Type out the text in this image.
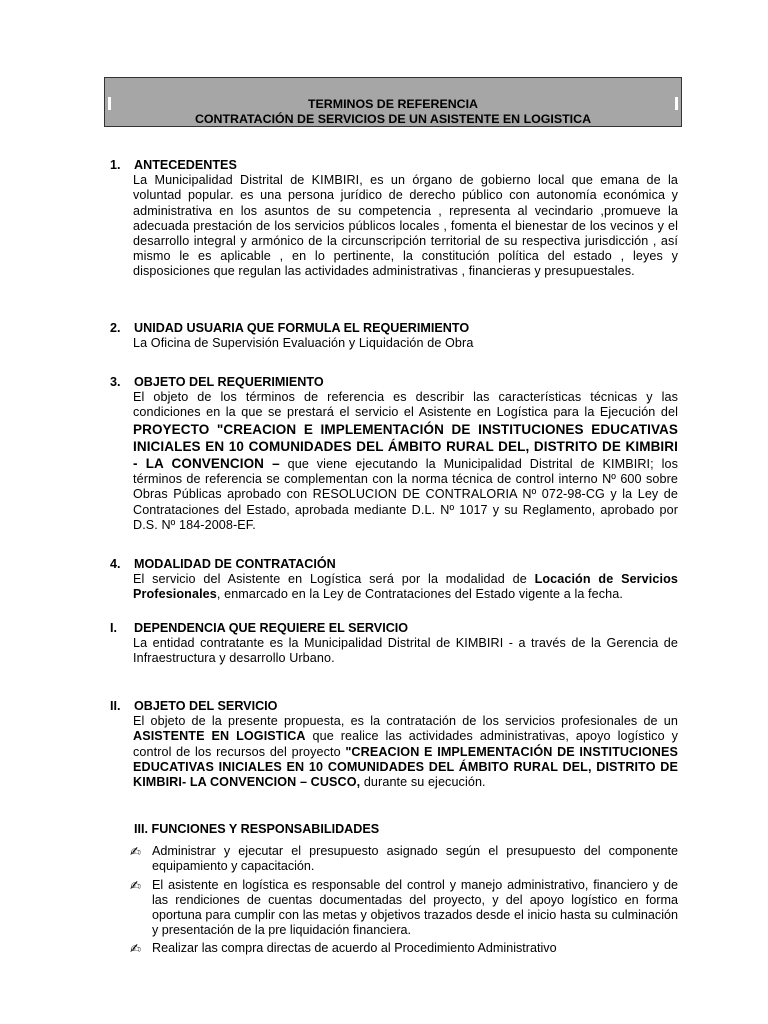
TERMINOS DE REFERENCIA
CONTRATACIÓN DE SERVICIOS DE UN ASISTENTE EN LOGISTICA
1.	ANTECEDENTES
La Municipalidad Distrital de KIMBIRI, es un órgano de gobierno local que emana de la voluntad popular. es una persona jurídico de derecho público con autonomía económica y administrativa en los asuntos de su competencia , representa al vecindario ,promueve la adecuada prestación de los servicios públicos locales , fomenta el bienestar de los vecinos y el desarrollo integral y armónico de la circunscripción territorial de su respectiva jurisdicción , así mismo le es aplicable , en lo pertinente, la constitución política del estado , leyes y disposiciones que regulan las actividades administrativas , financieras y presupuestales.
2.	UNIDAD USUARIA QUE FORMULA EL REQUERIMIENTO
La Oficina de Supervisión Evaluación y Liquidación de Obra
3.	OBJETO DEL REQUERIMIENTO
El objeto de los términos de referencia es describir las características técnicas y las condiciones en la que se prestará el servicio el Asistente en Logística para la Ejecución del PROYECTO "CREACION E IMPLEMENTACIÓN DE INSTITUCIONES EDUCATIVAS INICIALES EN 10 COMUNIDADES DEL ÁMBITO RURAL DEL, DISTRITO DE KIMBIRI - LA CONVENCION – que viene ejecutando la Municipalidad Distrital de KIMBIRI; los términos de referencia se complementan con la norma técnica de control interno Nº 600 sobre Obras Públicas aprobado con RESOLUCION DE CONTRALORIA Nº 072-98-CG y la Ley de Contrataciones del Estado, aprobada mediante D.L. Nº 1017 y su Reglamento, aprobado por D.S. Nº 184-2008-EF.
4.	MODALIDAD DE CONTRATACIÓN
El servicio del Asistente en Logística será por la modalidad de Locación de Servicios Profesionales, enmarcado en la Ley de Contrataciones del Estado vigente a la fecha.
I.	DEPENDENCIA QUE REQUIERE EL SERVICIO
La entidad contratante es la Municipalidad Distrital de KIMBIRI - a través de la Gerencia de Infraestructura y desarrollo Urbano.
II.	OBJETO DEL SERVICIO
El objeto de la presente propuesta, es la contratación de los servicios profesionales de un ASISTENTE EN LOGISTICA que realice las actividades administrativas, apoyo logístico y control de los recursos del proyecto "CREACION E IMPLEMENTACIÓN DE INSTITUCIONES EDUCATIVAS INICIALES EN 10 COMUNIDADES DEL ÁMBITO RURAL DEL, DISTRITO DE KIMBIRI- LA CONVENCION – CUSCO, durante su ejecución.
III. FUNCIONES Y RESPONSABILIDADES
✍ Administrar y ejecutar el presupuesto asignado según el presupuesto del componente equipamiento y capacitación.
✍ El asistente en logística es responsable del control y manejo administrativo, financiero y de las rendiciones de cuentas documentadas del proyecto, y del apoyo logístico en forma oportuna para cumplir con las metas y objetivos trazados desde el inicio hasta su culminación y presentación de la pre liquidación financiera.
✍ Realizar las compra directas de acuerdo al Procedimiento Administrativo
